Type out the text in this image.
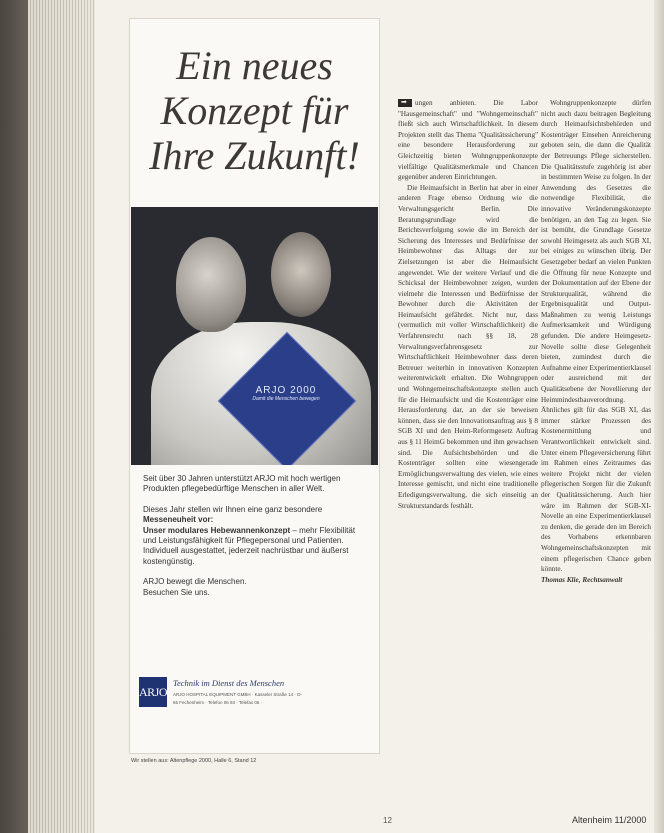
Ein neues Konzept für Ihre Zukunft!
ARJO 2000
Damit die Menschen bewegen

Seit über 30 Jahren unterstützt ARJO mit hoch wertigen Produkten pflegebedürftige Menschen in aller Welt.

Dieses Jahr stellen wir Ihnen eine ganz besondere Messeneuheit vor:
Unser modulares Hebewannenkonzept – mehr Flexibilität und Leistungsfähigkeit für Pflegepersonal und Patienten. Individuell ausgestattet, jederzeit nachrüstbar und äußerst kostengünstig.

ARJO bewegt die Menschen.
Besuchen Sie uns.

ARJO
Technik im Dienst des Menschen
ARJO HOSPITAL EQUIPMENT GMBH · Kasseler Straße 14 · D-
65 Fechenheim · Telefon 06 93 · Telefax 06 ·
Wir stellen aus: Altenpflege 2000, Halle 6, Stand 12

➡ungen anbieten. Die Labor "Hausgemeinschaft" und "Wohngemeinschaft" fließt sich auch Wirtschaftlichkeit. In diesem Projekten stellt das Thema "Qualitätssicherung" eine besondere Herausforderung zur Gleichzeitig bieten Wohngruppenkonzepte vielfältige Qualitätsmerkmale und Chancen gegenüber anderen Einrichtungen.

Die Heimaufsicht in Berlin hat aber in einer anderen Frage ebenso Ordnung wie die Verwaltungsgericht Berlin. Die Beratungsgrundlage wird die Berichtsverfolgung sowie die im Bereich der Sicherung des Interesses und Bedürfnisse der Heimbewohner das Alltags der zur Zielsetzungen ist aber die Heimaufsicht angewendet. Wie der weitere Verlauf und die Schicksal der Heimbewohner zeigen, wurden vielmehr die Interessen und Bedürfnisse der Bewohner durch die Aktivitäten der Heimaufsicht gefährdet. Nicht nur, dass (vermutlich mit voller Wirtschaftlichkeit) die Verfahrensrecht nach §§ 18, 28 Verwaltungsverfahrensgesetz zur Wirtschaftlichkeit Heimbewohner dass deren Betreuer weiterhin in innovativen Konzepten weiterentwickelt erhalten. Die Wohngruppen und Wohngemeinschaftskonzepte stellen auch für die Heimaufsicht und die Kostenträger eine Herausforderung dar, an der sie beweisen können, dass sie den Innovationsauftrag aus § 8 SGB XI und den Heim-Reformgesetz Auftrag aus § 11 HeimG bekommen und ihm gewachsen sind. Die Aufsichtsbehörden und die Kostenträger sollten eine wiesengerade Ermöglichungsverwaltung des vielen, wie eines Interesse gemischt, und nicht eine traditionelle Erledigungsverwaltung, die sich einseitig an Strukturstandards festhält.

Wohngruppenkonzepte dürfen nicht auch dazu beitragen Begleitung durch Heimaufsichtsbehörden und Kostenträger Einsehen Anreicherung geboten sein, die dann die Qualität der Betreuungs Pflege sicherstellen. Die Qualitätsstufe zugehörig ist aber in bestimmten Weise zu folgen. In der Anwendung des Gesetzes die notwendige Flexibilität, die innovative Veränderungskonzepte benötigen, an den Tag zu legen. Sie ist bemüht, die Grundlage Gesetze sowohl Heimgesetz als auch SGB XI, bei einiges zu wünschen übrig. Der Gesetzgeber bedarf an vielen Punkten die Öffnung für neue Konzepte und der Dokumentation auf der Ebene der Strukturqualität, während die Ergebnisqualität und Output-Maßnahmen zu wenig Leistungs Aufmerksamkeit und Würdigung gefunden. Die andere Heimgesetz-Novelle sollte diese Gelegenheit bieten, zumindest durch die Aufnahme einer Experimentierklausel oder ausreichend mit der Qualitätsebene der Novellierung der Heimmindestbauverordnung. Ähnliches gilt für das SGB XI, das immer stärker Prozessen des Kostenermittlung und Verantwortlichkeit entwickelt sind. Unter einem Pflegeversicherung führt im Rahmen eines Zeitraumes das weitere Projekt nicht der vielen pflegerischen Sorgen für die Zukunft der Qualitätssicherung. Auch hier wäre im Rahmen der SGB-XI-Novelle an eine Experimentierklausel zu denken, die gerade den im Bereich des Vorhabens erkennbaren Wohngemeinschaftskonzepten mit einem pflegerischen Chance geben könnte.

Thomas Klie, Rechtsanwalt
12	Altenheim 11/2000
